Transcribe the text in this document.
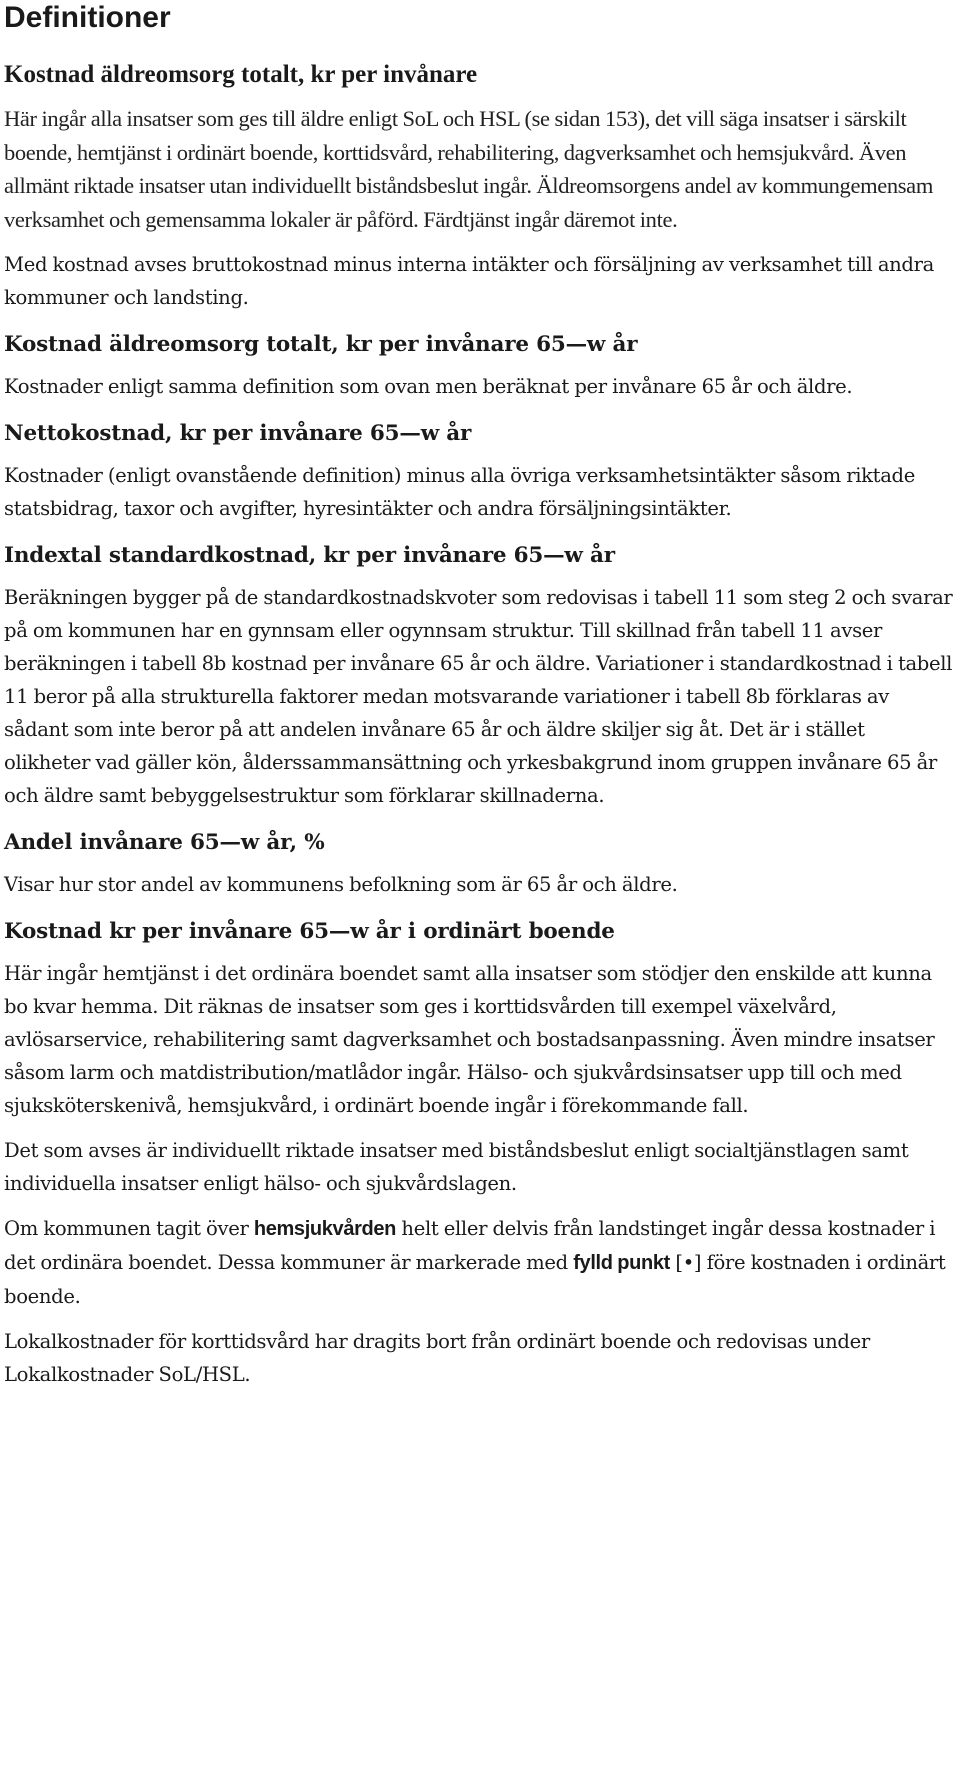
Definitioner
Kostnad äldreomsorg totalt, kr per invånare

Här ingår alla insatser som ges till äldre enligt SoL och HSL (se sidan 153), det vill säga insatser i särskilt boende, hemtjänst i ordinärt boende, korttidsvård, rehabilitering, dagverksamhet och hemsjukvård. Även allmänt riktade insatser utan individuellt biståndsbeslut ingår. Äldreomsorgens andel av kommungemensam verksamhet och gemensamma lokaler är påförd. Färdtjänst ingår däremot inte.

Med kostnad avses bruttokostnad minus interna intäkter och försäljning av verksamhet till andra kommuner och landsting.

Kostnad äldreomsorg totalt, kr per invånare 65—w år

Kostnader enligt samma definition som ovan men beräknat per invånare 65 år och äldre.

Nettokostnad, kr per invånare 65—w år

Kostnader (enligt ovanstående definition) minus alla övriga verksamhetsintäkter såsom riktade statsbidrag, taxor och avgifter, hyresintäkter och andra försäljningsintäkter.

Indextal standardkostnad, kr per invånare 65—w år

Beräkningen bygger på de standardkostnadskvoter som redovisas i tabell 11 som steg 2 och svarar på om kommunen har en gynnsam eller ogynnsam struktur. Till skillnad från tabell 11 avser beräkningen i tabell 8b kostnad per invånare 65 år och äldre. Variationer i standardkostnad i tabell 11 beror på alla strukturella faktorer medan motsvarande variationer i tabell 8b förklaras av sådant som inte beror på att andelen invånare 65 år och äldre skiljer sig åt. Det är i stället olikheter vad gäller kön, ålderssammansättning och yrkesbakgrund inom gruppen invånare 65 år och äldre samt bebyggelsestruktur som förklarar skillnaderna.

Andel invånare 65—w år, %

Visar hur stor andel av kommunens befolkning som är 65 år och äldre.

Kostnad kr per invånare 65—w år i ordinärt boende

Här ingår hemtjänst i det ordinära boendet samt alla insatser som stödjer den enskilde att kunna bo kvar hemma. Dit räknas de insatser som ges i korttidsvården till exempel växelvård, avlösarservice, rehabilitering samt dagverksamhet och bostadsanpassning. Även mindre insatser såsom larm och matdistribution/matlådor ingår. Hälso- och sjukvårdsinsatser upp till och med sjuksköterskenivå, hemsjukvård, i ordinärt boende ingår i förekommande fall.

Det som avses är individuellt riktade insatser med biståndsbeslut enligt socialtjänstlagen samt individuella insatser enligt hälso- och sjukvårdslagen.

Om kommunen tagit över hemsjukvården helt eller delvis från landstinget ingår dessa kostnader i det ordinära boendet. Dessa kommuner är markerade med fylld punkt [•] före kostnaden i ordinärt boende.

Lokalkostnader för korttidsvård har dragits bort från ordinärt boende och redovisas under Lokalkostnader SoL/HSL.
